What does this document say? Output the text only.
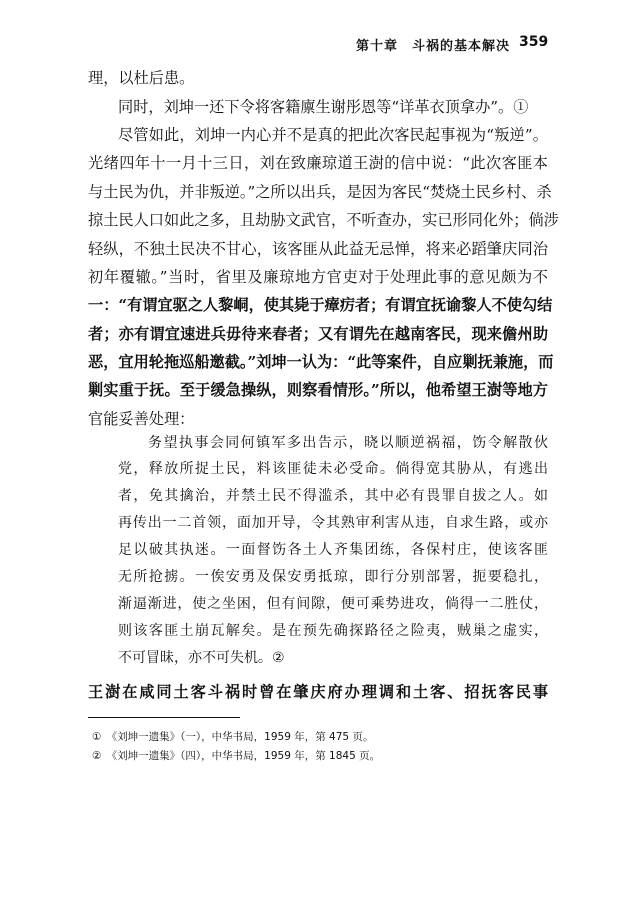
第十章　斗祸的基本解决 359
理，以杜后患。
同时，刘坤一还下令将客籍廪生谢彤恩等“详革衣顶拿办”。①
尽管如此，刘坤一内心并不是真的把此次客民起事视为“叛逆”。
光绪四年十一月十三日，刘在致廉琼道王澍的信中说：“此次客匪本
与土民为仇，并非叛逆。”之所以出兵，是因为客民“焚烧土民乡村、杀
掠土民人口如此之多，且劫胁文武官，不听查办，实已形同化外；倘涉
轻纵，不独土民决不甘心，该客匪从此益无忌惮，将来必蹈肇庆同治
初年覆辙。”当时，省里及廉琼地方官吏对于处理此事的意见颇为不
一：“有谓宜驱之人黎峒，使其毙于瘴疠者；有谓宜抚谕黎人不使勾结
者；亦有谓宜速进兵毋待来春者；又有谓先在越南客民，现来儋州助
恶，宜用轮拖巡船邀截。”刘坤一认为：“此等案件，自应剿抚兼施，而
剿实重于抚。至于缓急操纵，则察看情形。”所以，他希望王澍等地方
官能妥善处理：
务望执事会同何镇军多出告示，晓以顺逆祸福，饬令解散伙
党，释放所捉土民，料该匪徒未必受命。倘得宽其胁从，有逃出
者，免其擒治，并禁土民不得滥杀，其中必有畏罪自拔之人。如
再传出一二首领，面加开导，令其熟审利害从违，自求生路，或亦
足以破其执迷。一面督饬各土人齐集团练，各保村庄，使该客匪
无所抢掳。一俟安勇及保安勇抵琼，即行分别部署，扼要稳扎，
渐逼渐进，使之坐困，但有间隙，便可乘势进攻，倘得一二胜仗，
则该客匪土崩瓦解矣。是在预先确探路径之险夷，贼巢之虚实，
不可冒昧，亦不可失机。②
王澍在咸同土客斗祸时曾在肇庆府办理调和土客、招抚客民事
①　《刘坤一遗集》（一），中华书局，1959 年，第 475 页。
②　《刘坤一遗集》（四），中华书局，1959 年，第 1845 页。
